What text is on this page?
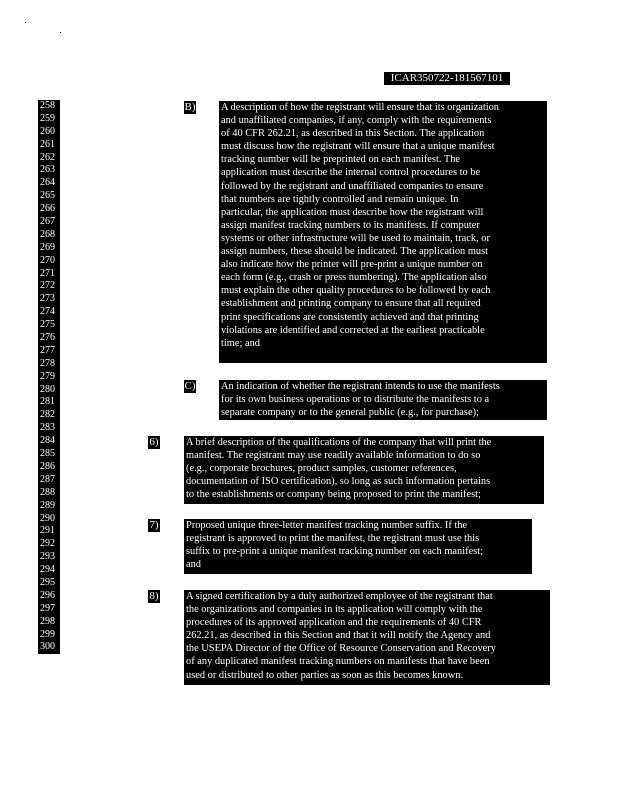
ICAR350722-181567101
258
259
260
261
262
263
264
265
266
267
268
269
270
271
272
273
274
275
276
277
278
279
280
281
282
283
284
285
286
287
288
289
290
291
292
293
294
295
296
297
298
299
300
B) A description of how the registrant will ensure that its organization
and unaffiliated companies, if any, comply with the requirements
of 40 CFR 262.21, as described in this Section. The application
must discuss how the registrant will ensure that a unique manifest
tracking number will be preprinted on each manifest. The
application must describe the internal control procedures to be
followed by the registrant and unaffiliated companies to ensure
that numbers are tightly controlled and remain unique. In
particular, the application must describe how the registrant will
assign manifest tracking numbers to its manifests. If computer
systems or other infrastructure will be used to maintain, track, or
assign numbers, these should be indicated. The application must
also indicate how the printer will pre-print a unique number on
each form (e.g., crash or press numbering). The application also
must explain the other quality procedures to be followed by each
establishment and printing company to ensure that all required
print specifications are consistently achieved and that printing
violations are identified and corrected at the earliest practicable
time; and
C) An indication of whether the registrant intends to use the manifests
for its own business operations or to distribute the manifests to a
separate company or to the general public (e.g., for purchase);
6)	A brief description of the qualifications of the company that will print the
manifest. The registrant may use readily available information to do so
(e.g., corporate brochures, product samples, customer references,
documentation of ISO certification), so long as such information pertains
to the establishments or company being proposed to print the manifest;
7)	Proposed unique three-letter manifest tracking number suffix. If the
registrant is approved to print the manifest, the registrant must use this
suffix to pre-print a unique manifest tracking number on each manifest;
and
8)	A signed certification by a duly authorized employee of the registrant that
the organizations and companies in its application will comply with the
procedures of its approved application and the requirements of 40 CFR
262.21, as described in this Section and that it will notify the Agency and
the USEPA Director of the Office of Resource Conservation and Recovery
of any duplicated manifest tracking numbers on manifests that have been
used or distributed to other parties as soon as this becomes known.
